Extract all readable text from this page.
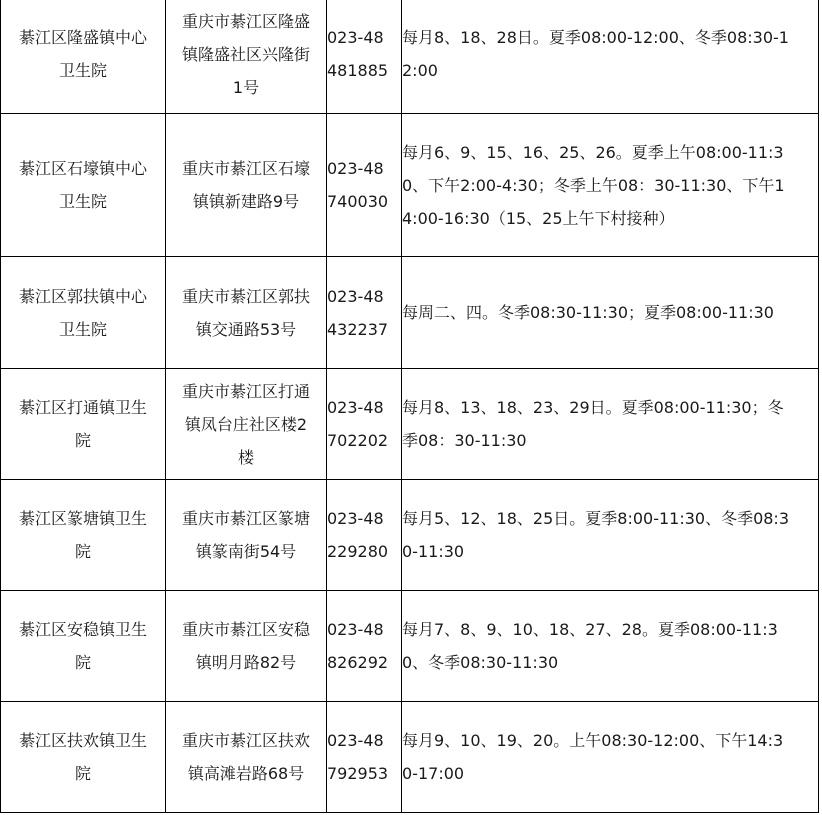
綦江区隆盛镇中心卫生院	重庆市綦江区隆盛镇隆盛社区兴隆街1号	023-48481885	每月8、18、28日。夏季08:00-12:00、冬季08:30-12:00

綦江区石壕镇中心卫生院	重庆市綦江区石壕镇镇新建路9号	023-48740030	每月6、9、15、16、25、26。夏季上午08:00-11:30、下午2:00-4:30；冬季上午08：30-11:30、下午14:00-16:30（15、25上午下村接种）

綦江区郭扶镇中心卫生院	重庆市綦江区郭扶镇交通路53号	023-48432237	每周二、四。冬季08:30-11:30；夏季08:00-11:30

綦江区打通镇卫生院	重庆市綦江区打通镇凤台庄社区楼2楼	023-48702202	每月8、13、18、23、29日。夏季08:00-11:30；冬季08：30-11:30

綦江区篆塘镇卫生院	重庆市綦江区篆塘镇篆南街54号	023-48229280	每月5、12、18、25日。夏季8:00-11:30、冬季08:30-11:30

綦江区安稳镇卫生院	重庆市綦江区安稳镇明月路82号	023-48826292	每月7、8、9、10、18、27、28。夏季08:00-11:30、冬季08:30-11:30

綦江区扶欢镇卫生院	重庆市綦江区扶欢镇高滩岩路68号	023-48792953	每月9、10、19、20。上午08:30-12:00、下午14:30-17:00
